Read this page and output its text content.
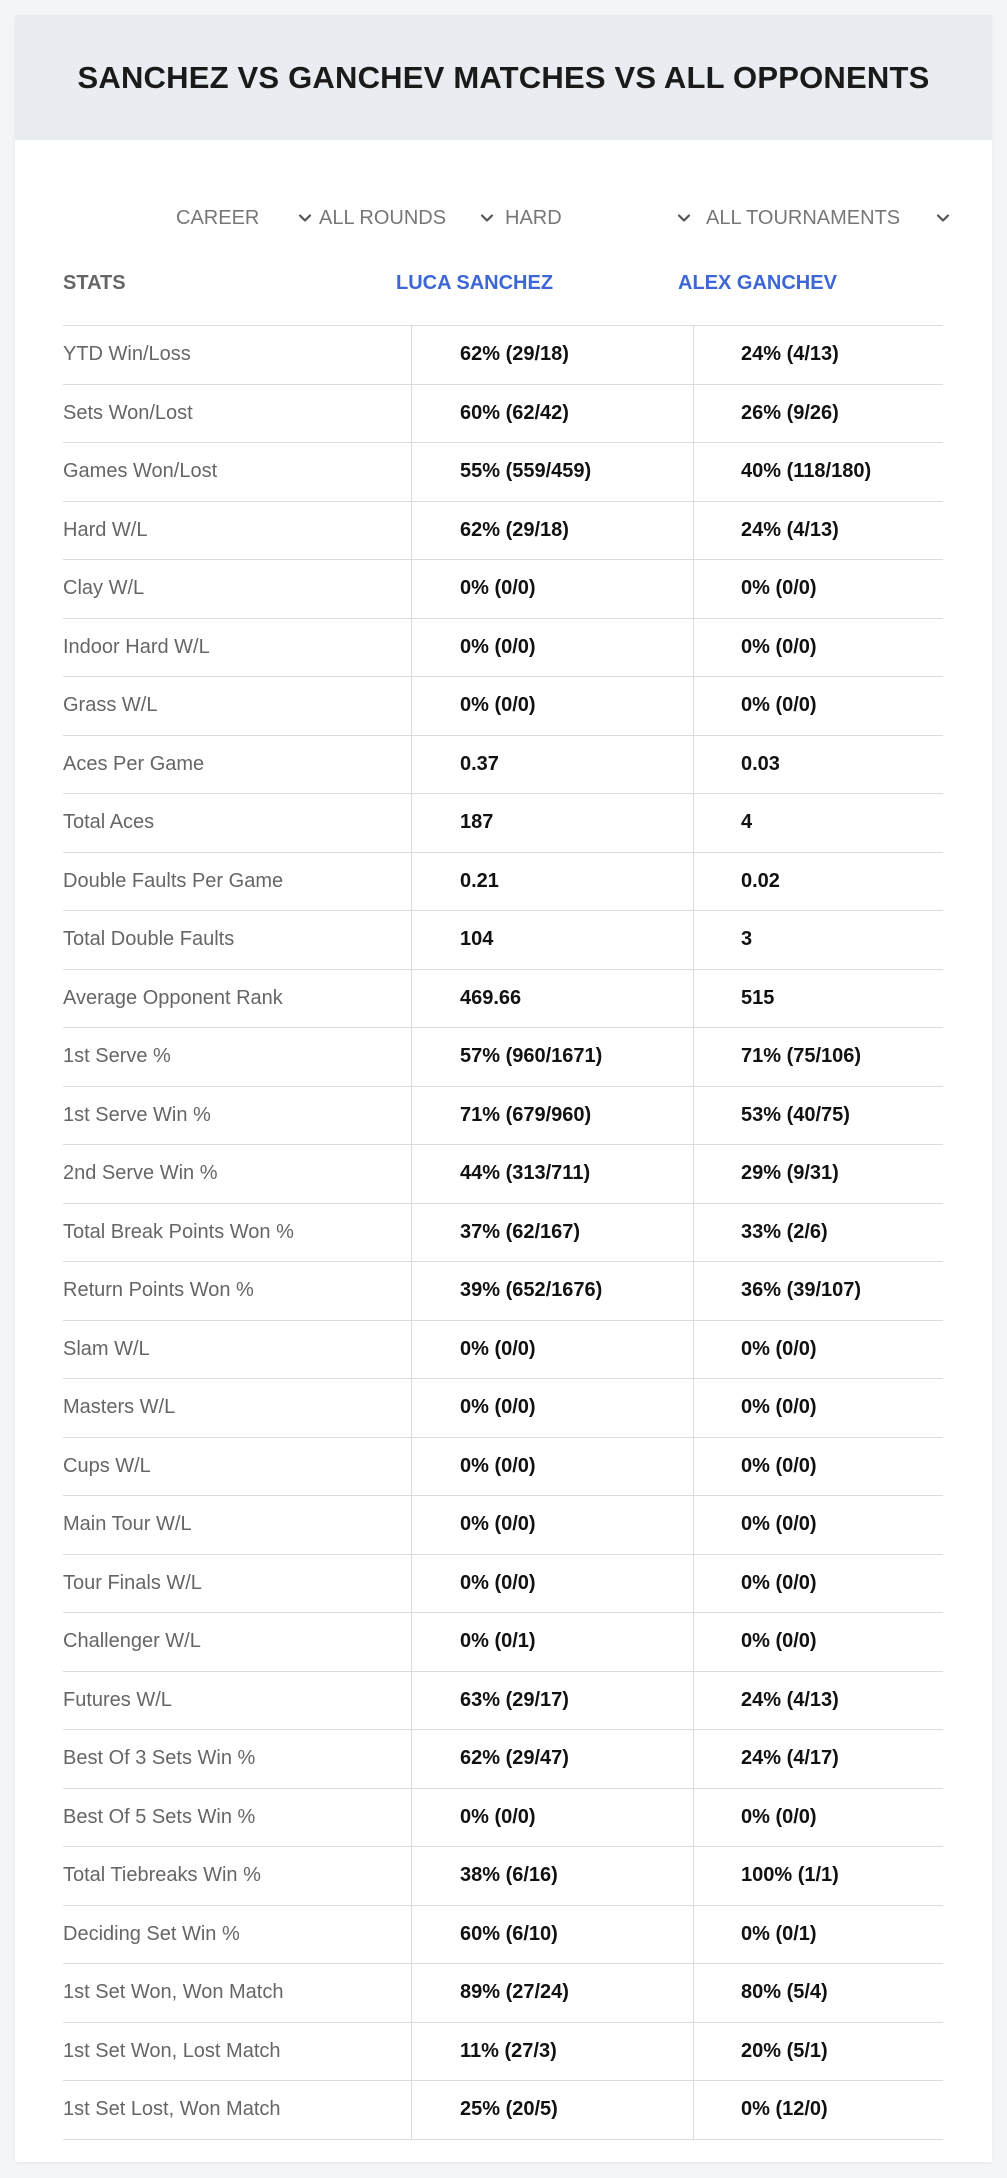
SANCHEZ VS GANCHEV MATCHES VS ALL OPPONENTS
CAREER	ALL ROUNDS	HARD	ALL TOURNAMENTS
STATS	LUCA SANCHEZ	ALEX GANCHEV
YTD Win/Loss	62% (29/18)	24% (4/13)
Sets Won/Lost	60% (62/42)	26% (9/26)
Games Won/Lost	55% (559/459)	40% (118/180)
Hard W/L	62% (29/18)	24% (4/13)
Clay W/L	0% (0/0)	0% (0/0)
Indoor Hard W/L	0% (0/0)	0% (0/0)
Grass W/L	0% (0/0)	0% (0/0)
Aces Per Game	0.37	0.03
Total Aces	187	4
Double Faults Per Game	0.21	0.02
Total Double Faults	104	3
Average Opponent Rank	469.66	515
1st Serve %	57% (960/1671)	71% (75/106)
1st Serve Win %	71% (679/960)	53% (40/75)
2nd Serve Win %	44% (313/711)	29% (9/31)
Total Break Points Won %	37% (62/167)	33% (2/6)
Return Points Won %	39% (652/1676)	36% (39/107)
Slam W/L	0% (0/0)	0% (0/0)
Masters W/L	0% (0/0)	0% (0/0)
Cups W/L	0% (0/0)	0% (0/0)
Main Tour W/L	0% (0/0)	0% (0/0)
Tour Finals W/L	0% (0/0)	0% (0/0)
Challenger W/L	0% (0/1)	0% (0/0)
Futures W/L	63% (29/17)	24% (4/13)
Best Of 3 Sets Win %	62% (29/47)	24% (4/17)
Best Of 5 Sets Win %	0% (0/0)	0% (0/0)
Total Tiebreaks Win %	38% (6/16)	100% (1/1)
Deciding Set Win %	60% (6/10)	0% (0/1)
1st Set Won, Won Match	89% (27/24)	80% (5/4)
1st Set Won, Lost Match	11% (27/3)	20% (5/1)
1st Set Lost, Won Match	25% (20/5)	0% (12/0)
